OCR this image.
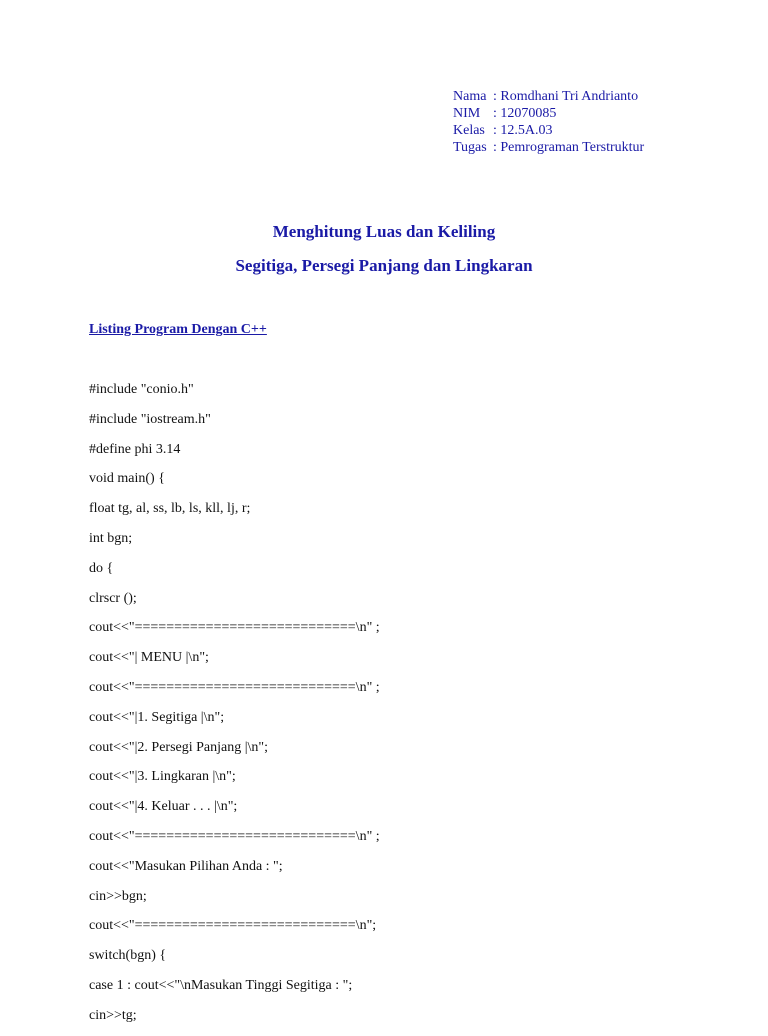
Nama : Romdhani Tri Andrianto
NIM : 12070085
Kelas : 12.5A.03
Tugas : Pemrograman Terstruktur
Menghitung Luas dan Keliling
Segitiga, Persegi Panjang dan Lingkaran
Listing Program Dengan C++
#include "conio.h"
#include "iostream.h"
#define phi 3.14
void main() {
float tg, al, ss, lb, ls, kll, lj, r;
int bgn;
do {
clrscr ();
cout<<"============================\n" ;
cout<<"| MENU |\n";
cout<<"============================\n" ;
cout<<"|1. Segitiga |\n";
cout<<"|2. Persegi Panjang |\n";
cout<<"|3. Lingkaran |\n";
cout<<"|4. Keluar . . . |\n";
cout<<"============================\n" ;
cout<<"Masukan Pilihan Anda : ";
cin>>bgn;
cout<<"============================\n";
switch(bgn) {
case 1 : cout<<"\nMasukan Tinggi Segitiga : ";
cin>>tg;
